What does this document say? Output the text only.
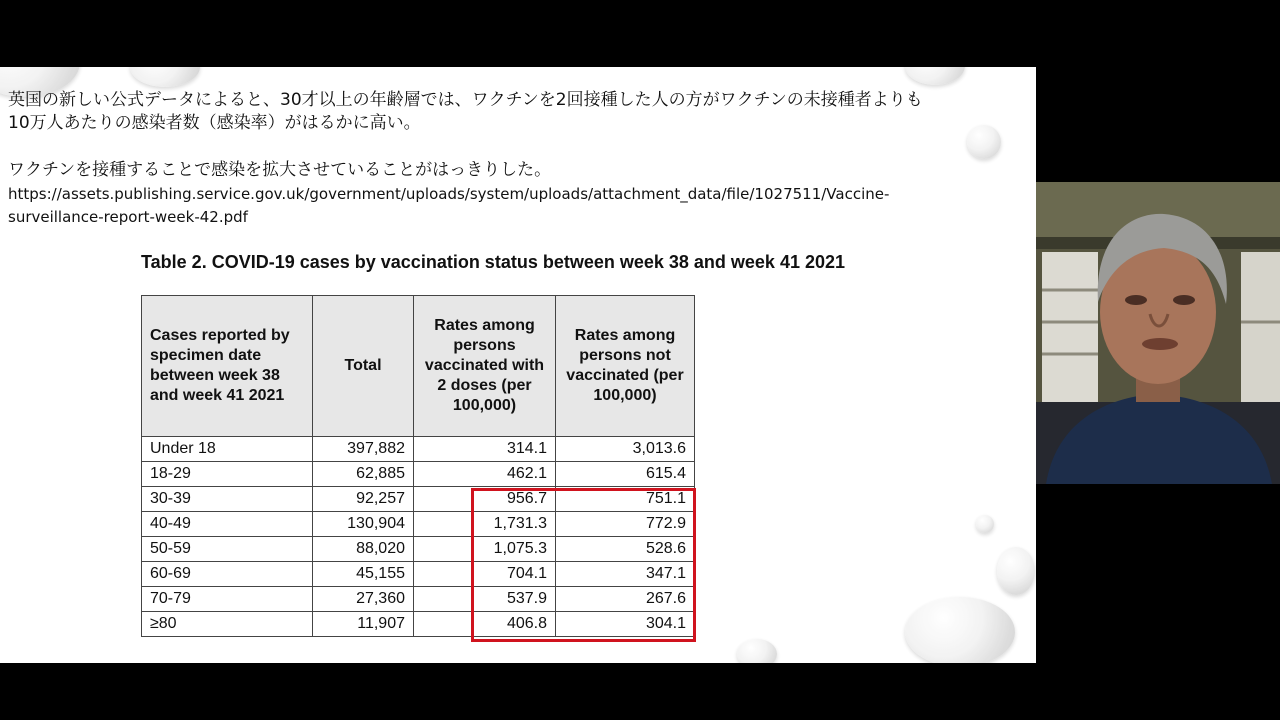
英国の新しい公式データによると、30才以上の年齢層では、ワクチンを2回接種した人の方がワクチンの未接種者よりも
10万人あたりの感染者数（感染率）がはるかに高い。
ワクチンを接種することで感染を拡大させていることがはっきりした。
https://assets.publishing.service.gov.uk/government/uploads/system/uploads/attachment_data/file/1027511/Vaccine-
surveillance-report-week-42.pdf
Table 2. COVID-19 cases by vaccination status between week 38 and week 41 2021
Cases reported by specimen date between week 38 and week 41 2021	Total	Rates among persons vaccinated with 2 doses (per 100,000)	Rates among persons not vaccinated (per 100,000)
Under 18	397,882	314.1	3,013.6
18-29	62,885	462.1	615.4
30-39	92,257	956.7	751.1
40-49	130,904	1,731.3	772.9
50-59	88,020	1,075.3	528.6
60-69	45,155	704.1	347.1
70-79	27,360	537.9	267.6
≥80	11,907	406.8	304.1
